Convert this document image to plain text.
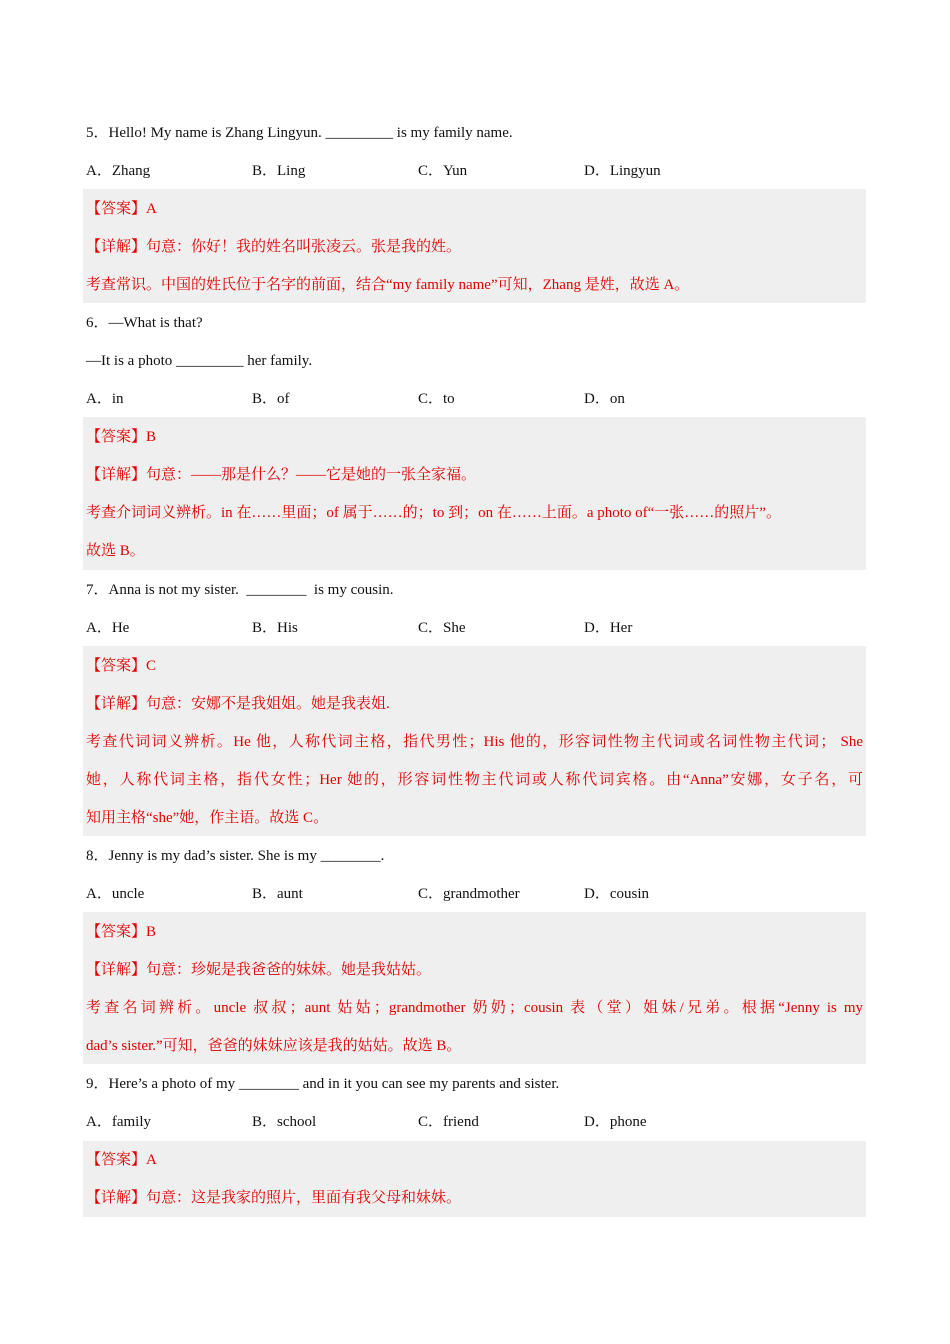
5．Hello! My name is Zhang Lingyun. _________ is my family name.
A．Zhang	B．Ling	C．Yun	D．Lingyun
【答案】A
【详解】句意：你好！我的姓名叫张凌云。张是我的姓。
考查常识。中国的姓氏位于名字的前面，结合“my family name”可知，Zhang 是姓，故选 A。
6．—What is that?
—It is a photo _________ her family.
A．in	B．of	C．to	D．on
【答案】B
【详解】句意：——那是什么？——它是她的一张全家福。
考查介词词义辨析。in 在……里面；of 属于……的；to 到；on 在……上面。a photo of“一张……的照片”。
故选 B。
7．Anna is not my sister.  ________  is my cousin.
A．He	B．His	C．She	D．Her
【答案】C
【详解】句意：安娜不是我姐姐。她是我表姐.
考查代词词义辨析。He 他，人称代词主格，指代男性；His 他的，形容词性物主代词或名词性物主代词； She
她，人称代词主格，指代女性；Her 她的，形容词性物主代词或人称代词宾格。由“Anna”安娜，女子名，可
知用主格“she”她，作主语。故选 C。
8．Jenny is my dad’s sister. She is my ________.
A．uncle	B．aunt	C．grandmother	D．cousin
【答案】B
【详解】句意：珍妮是我爸爸的妹妹。她是我姑姑。
考查名词辨析。uncle 叔叔；aunt 姑姑；grandmother 奶奶；cousin 表（堂）姐妹/兄弟。根据“Jenny is my
dad’s sister.”可知，爸爸的妹妹应该是我的姑姑。故选 B。
9．Here’s a photo of my ________ and in it you can see my parents and sister.
A．family	B．school	C．friend	D．phone
【答案】A
【详解】句意：这是我家的照片，里面有我父母和妹妹。
